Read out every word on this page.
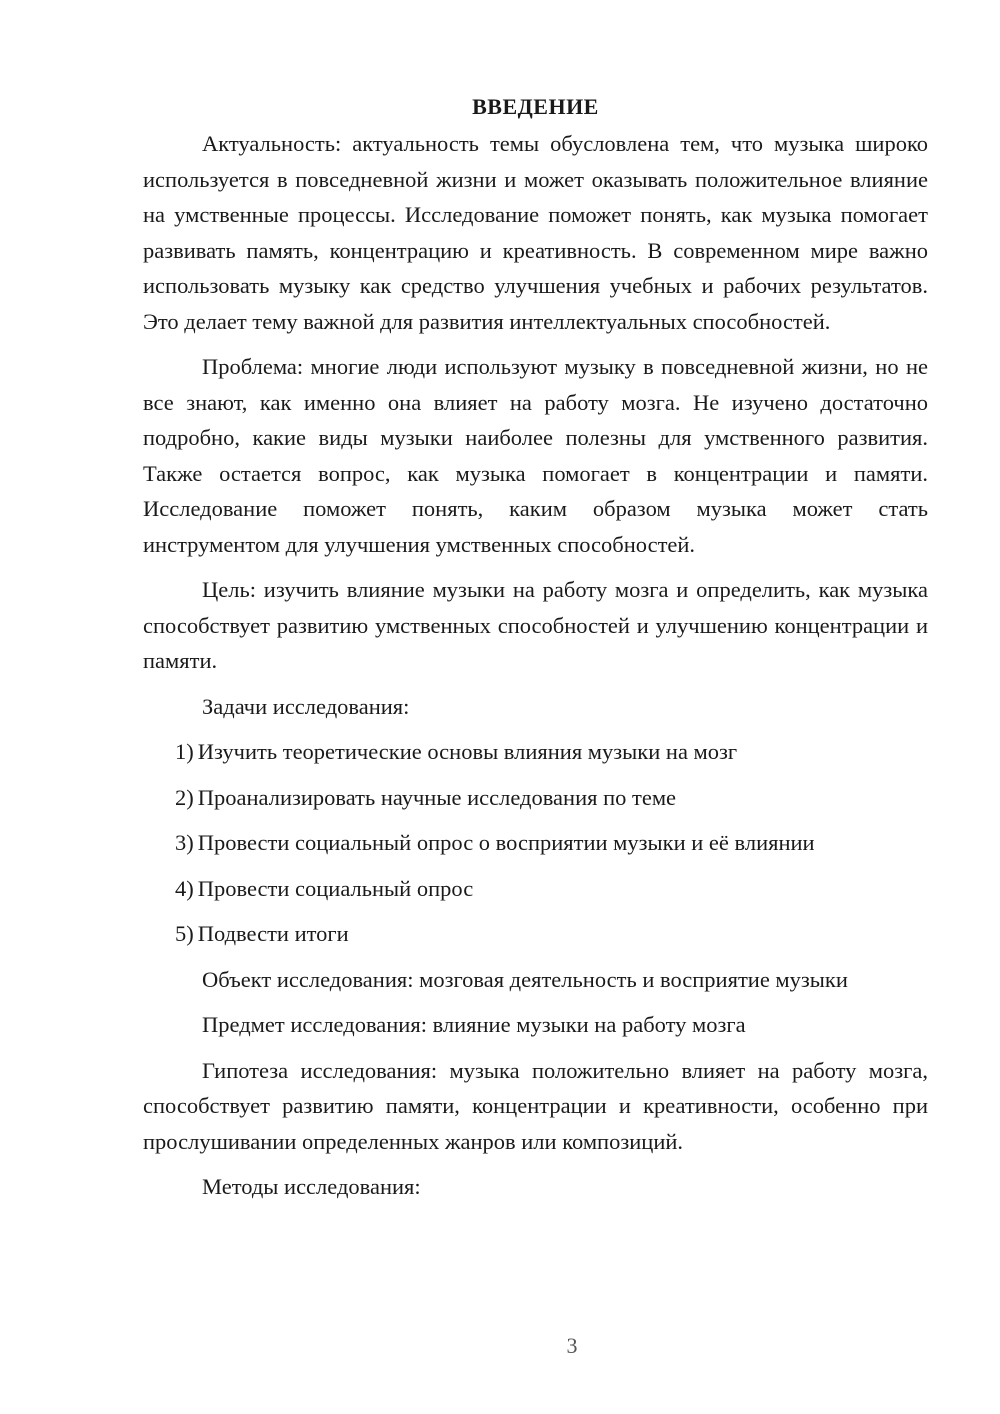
ВВЕДЕНИЕ

Актуальность: актуальность темы обусловлена тем, что музыка широко используется в повседневной жизни и может оказывать положительное влияние на умственные процессы. Исследование поможет понять, как музыка помогает развивать память, концентрацию и креативность. В современном мире важно использовать музыку как средство улучшения учебных и рабочих результатов. Это делает тему важной для развития интеллектуальных способностей.

Проблема: многие люди используют музыку в повседневной жизни, но не все знают, как именно она влияет на работу мозга. Не изучено достаточно подробно, какие виды музыки наиболее полезны для умственного развития. Также остается вопрос, как музыка помогает в концентрации и памяти. Исследование поможет понять, каким образом музыка может стать инструментом для улучшения умственных способностей.

Цель: изучить влияние музыки на работу мозга и определить, как музыка способствует развитию умственных способностей и улучшению концентрации и памяти.

Задачи исследования:

1) Изучить теоретические основы влияния музыки на мозг
2) Проанализировать научные исследования по теме
3) Провести социальный опрос о восприятии музыки и её влиянии
4) Провести социальный опрос
5) Подвести итоги

Объект исследования: мозговая деятельность и восприятие музыки

Предмет исследования: влияние музыки на работу мозга

Гипотеза исследования: музыка положительно влияет на работу мозга, способствует развитию памяти, концентрации и креативности, особенно при прослушивании определенных жанров или композиций.

Методы исследования:

3
